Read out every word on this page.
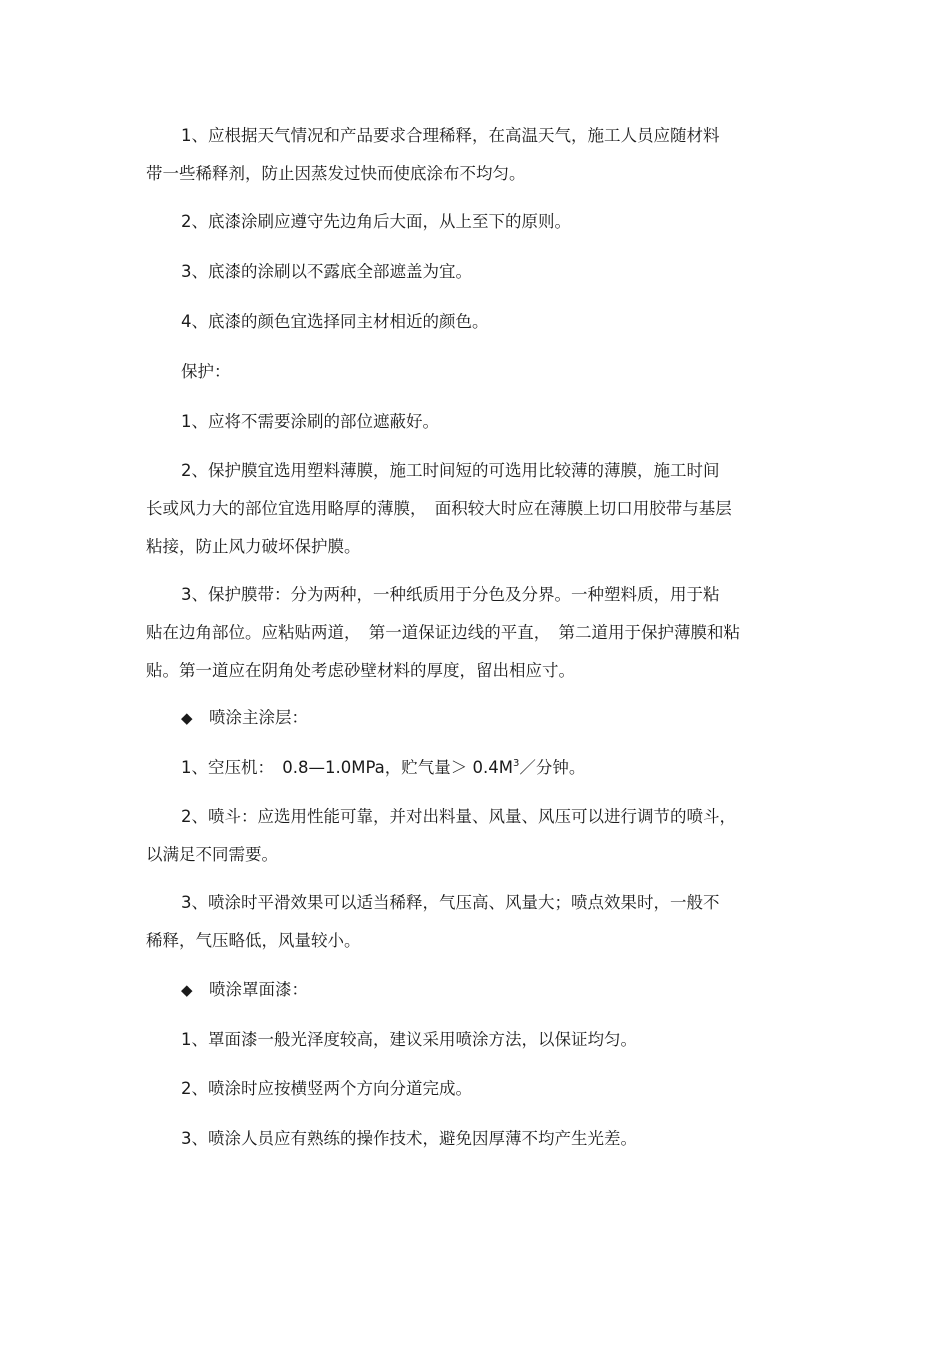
1、应根据天气情况和产品要求合理稀释，在高温天气，施工人员应随材料
带一些稀释剂，防止因蒸发过快而使底涂布不均匀。

2、底漆涂刷应遵守先边角后大面，从上至下的原则。

3、底漆的涂刷以不露底全部遮盖为宜。

4、底漆的颜色宜选择同主材相近的颜色。

保护：

1、应将不需要涂刷的部位遮蔽好。

2、保护膜宜选用塑料薄膜，施工时间短的可选用比较薄的薄膜，施工时间
长或风力大的部位宜选用略厚的薄膜，　面积较大时应在薄膜上切口用胶带与基层
粘接，防止风力破坏保护膜。

3、保护膜带：分为两种，一种纸质用于分色及分界。一种塑料质，用于粘
贴在边角部位。应粘贴两道，　第一道保证边线的平直，　第二道用于保护薄膜和粘
贴。第一道应在阴角处考虑砂壁材料的厚度，留出相应寸。

◆ 喷涂主涂层：

1、空压机：　0.8—1.0MPa，贮气量＞ $0.4M^3/$分钟。

2、喷斗：应选用性能可靠，并对出料量、风量、风压可以进行调节的喷斗，
以满足不同需要。

3、喷涂时平滑效果可以适当稀释，气压高、风量大；喷点效果时，一般不
稀释，气压略低，风量较小。

◆ 喷涂罩面漆：

1、罩面漆一般光泽度较高，建议采用喷涂方法，以保证均匀。

2、喷涂时应按横竖两个方向分道完成。

3、喷涂人员应有熟练的操作技术，避免因厚薄不均产生光差。
